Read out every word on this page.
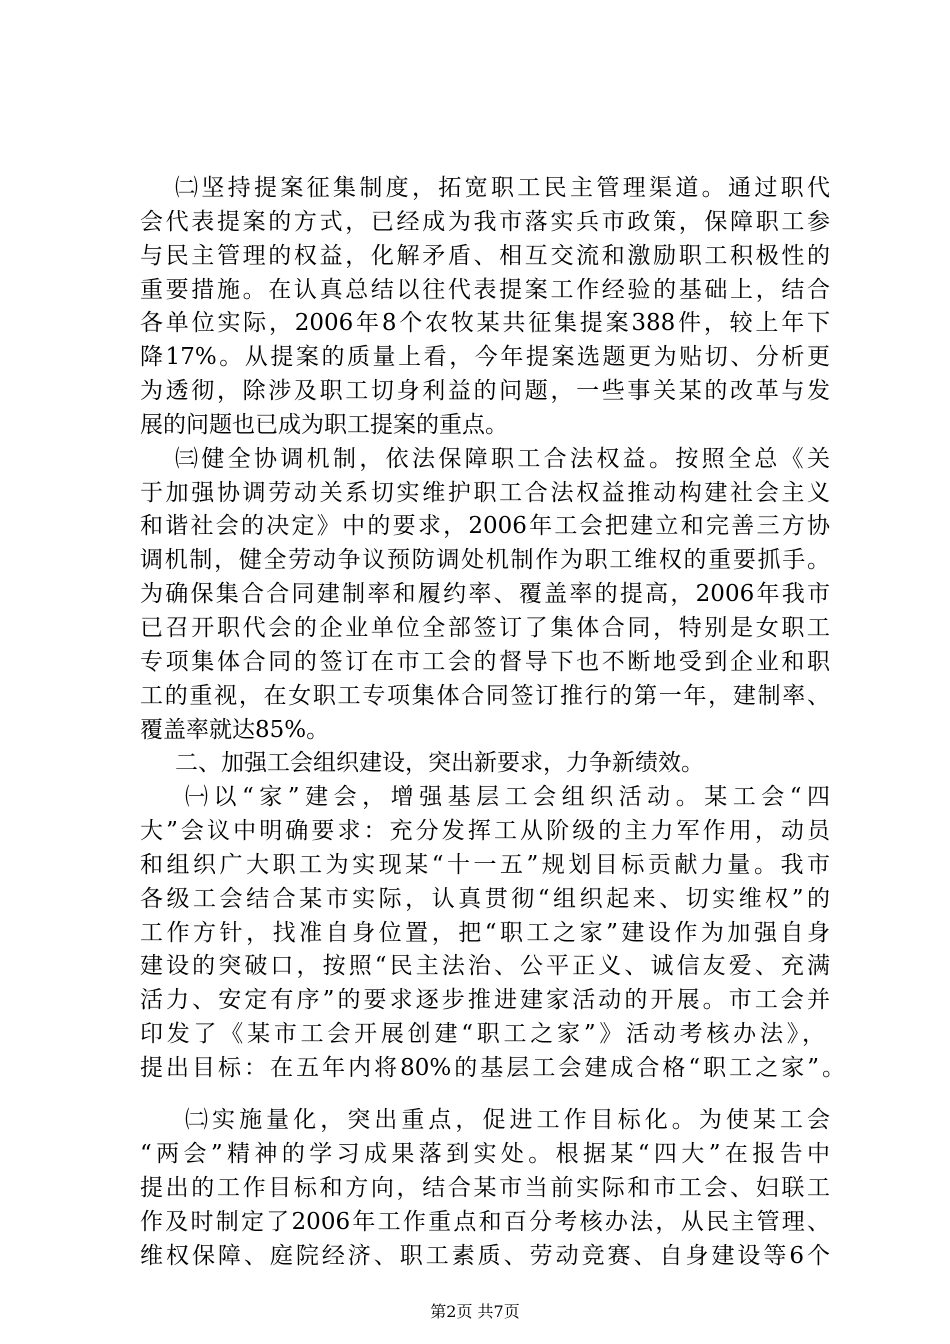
㈡坚持提案征集制度，拓宽职工民主管理渠道。通过职代
会代表提案的方式，已经成为我市落实兵市政策，保障职工参
与民主管理的权益，化解矛盾、相互交流和激励职工积极性的
重要措施。在认真总结以往代表提案工作经验的基础上，结合
各单位实际，2006年8个农牧某共征集提案388件，较上年下
降17%。从提案的质量上看，今年提案选题更为贴切、分析更
为透彻，除涉及职工切身利益的问题，一些事关某的改革与发
展的问题也已成为职工提案的重点。
㈢健全协调机制，依法保障职工合法权益。按照全总《关
于加强协调劳动关系切实维护职工合法权益推动构建社会主义
和谐社会的决定》中的要求，2006年工会把建立和完善三方协
调机制，健全劳动争议预防调处机制作为职工维权的重要抓手。
为确保集合合同建制率和履约率、覆盖率的提高，2006年我市
已召开职代会的企业单位全部签订了集体合同，特别是女职工
专项集体合同的签订在市工会的督导下也不断地受到企业和职
工的重视，在女职工专项集体合同签订推行的第一年，建制率、
覆盖率就达85%。
二、加强工会组织建设，突出新要求，力争新绩效。
㈠以“家”建会，增强基层工会组织活动。某工会“四
大”会议中明确要求：充分发挥工从阶级的主力军作用，动员
和组织广大职工为实现某“十一五”规划目标贡献力量。我市
各级工会结合某市实际，认真贯彻“组织起来、切实维权”的
工作方针，找准自身位置，把“职工之家”建设作为加强自身
建设的突破口，按照“民主法治、公平正义、诚信友爱、充满
活力、安定有序”的要求逐步推进建家活动的开展。市工会并
印发了《某市工会开展创建“职工之家”》活动考核办法》，
提出目标：在五年内将80%的基层工会建成合格“职工之家”。
㈡实施量化，突出重点，促进工作目标化。为使某工会
“两会”精神的学习成果落到实处。根据某“四大”在报告中
提出的工作目标和方向，结合某市当前实际和市工会、妇联工
作及时制定了2006年工作重点和百分考核办法，从民主管理、
维权保障、庭院经济、职工素质、劳动竞赛、自身建设等6个
第2页 共7页
